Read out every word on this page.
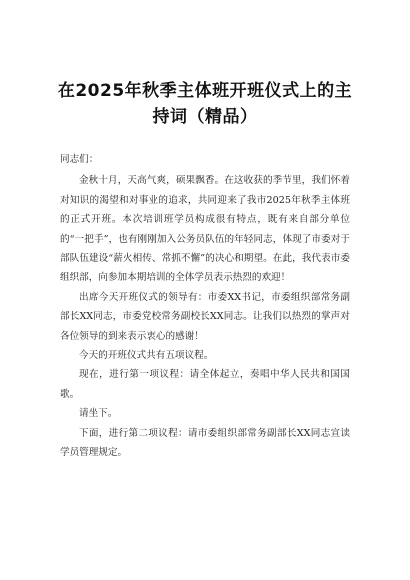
在2025年秋季主体班开班仪式上的主持词（精品）

同志们：

金秋十月，天高气爽，硕果飘香。在这收获的季节里，我们怀着对知识的渴望和对事业的追求，共同迎来了我市2025年秋季主体班的正式开班。本次培训班学员构成很有特点，既有来自部分单位的“一把手”，也有刚刚加入公务员队伍的年轻同志，体现了市委对于部队伍建设“薪火相传、常抓不懈”的决心和期望。在此，我代表市委组织部，向参加本期培训的全体学员表示热烈的欢迎！

出席今天开班仪式的领导有：市委XX书记，市委组织部常务副部长XX同志，市委党校常务副校长XX同志。让我们以热烈的掌声对各位领导的到来表示衷心的感谢！

今天的开班仪式共有五项议程。

现在，进行第一项议程：请全体起立，奏唱中华人民共和国国歌。

请坐下。

下面，进行第二项议程：请市委组织部常务副部长XX同志宣读学员管理规定。
